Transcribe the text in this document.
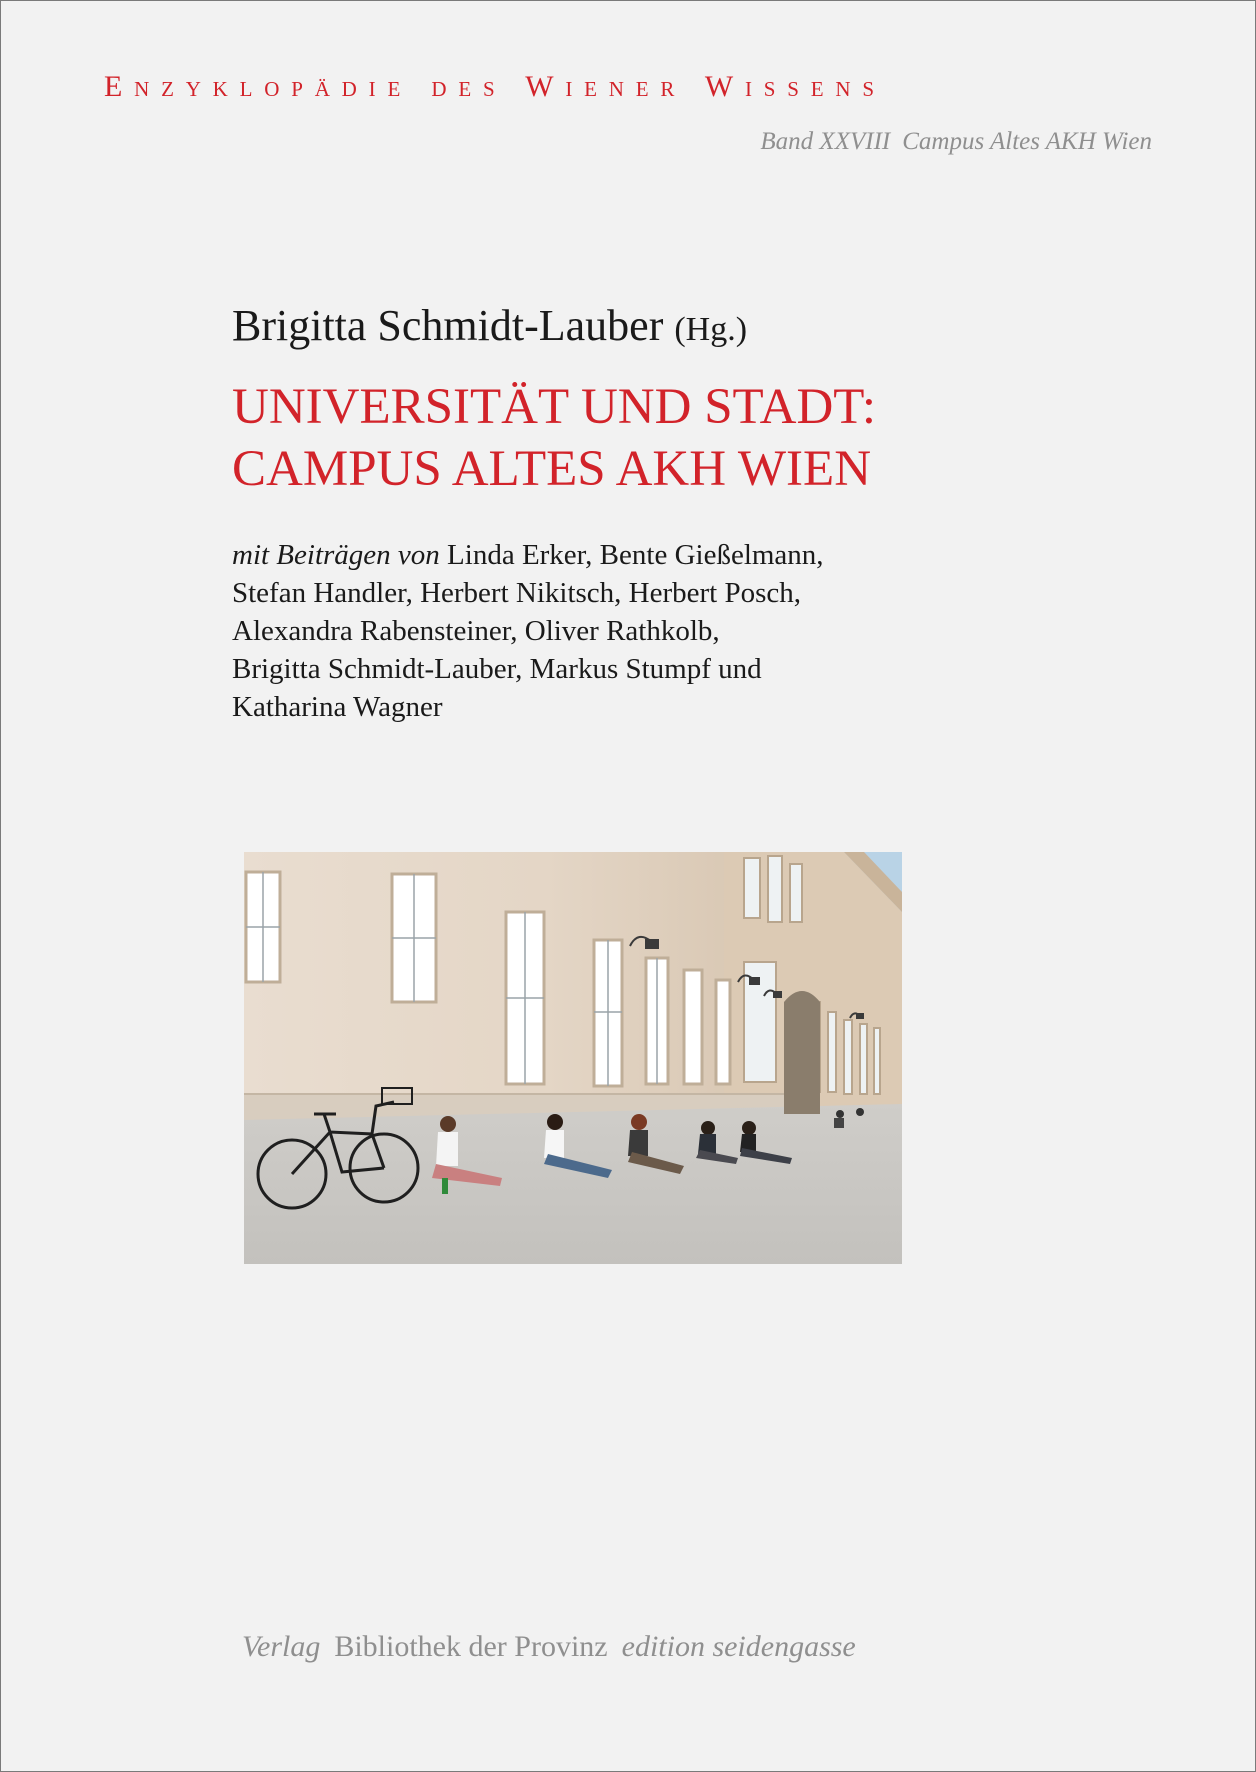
Enzyklopädie des Wiener Wissens
Band XXVIII Campus Altes AKH Wien
Brigitta Schmidt-Lauber (Hg.)
UNIVERSITÄT UND STADT:
CAMPUS ALTES AKH WIEN
mit Beiträgen von Linda Erker, Bente Gießelmann,
Stefan Handler, Herbert Nikitsch, Herbert Posch,
Alexandra Rabensteiner, Oliver Rathkolb,
Brigitta Schmidt-Lauber, Markus Stumpf und
Katharina Wagner
Verlag Bibliothek der Provinz edition seidengasse
